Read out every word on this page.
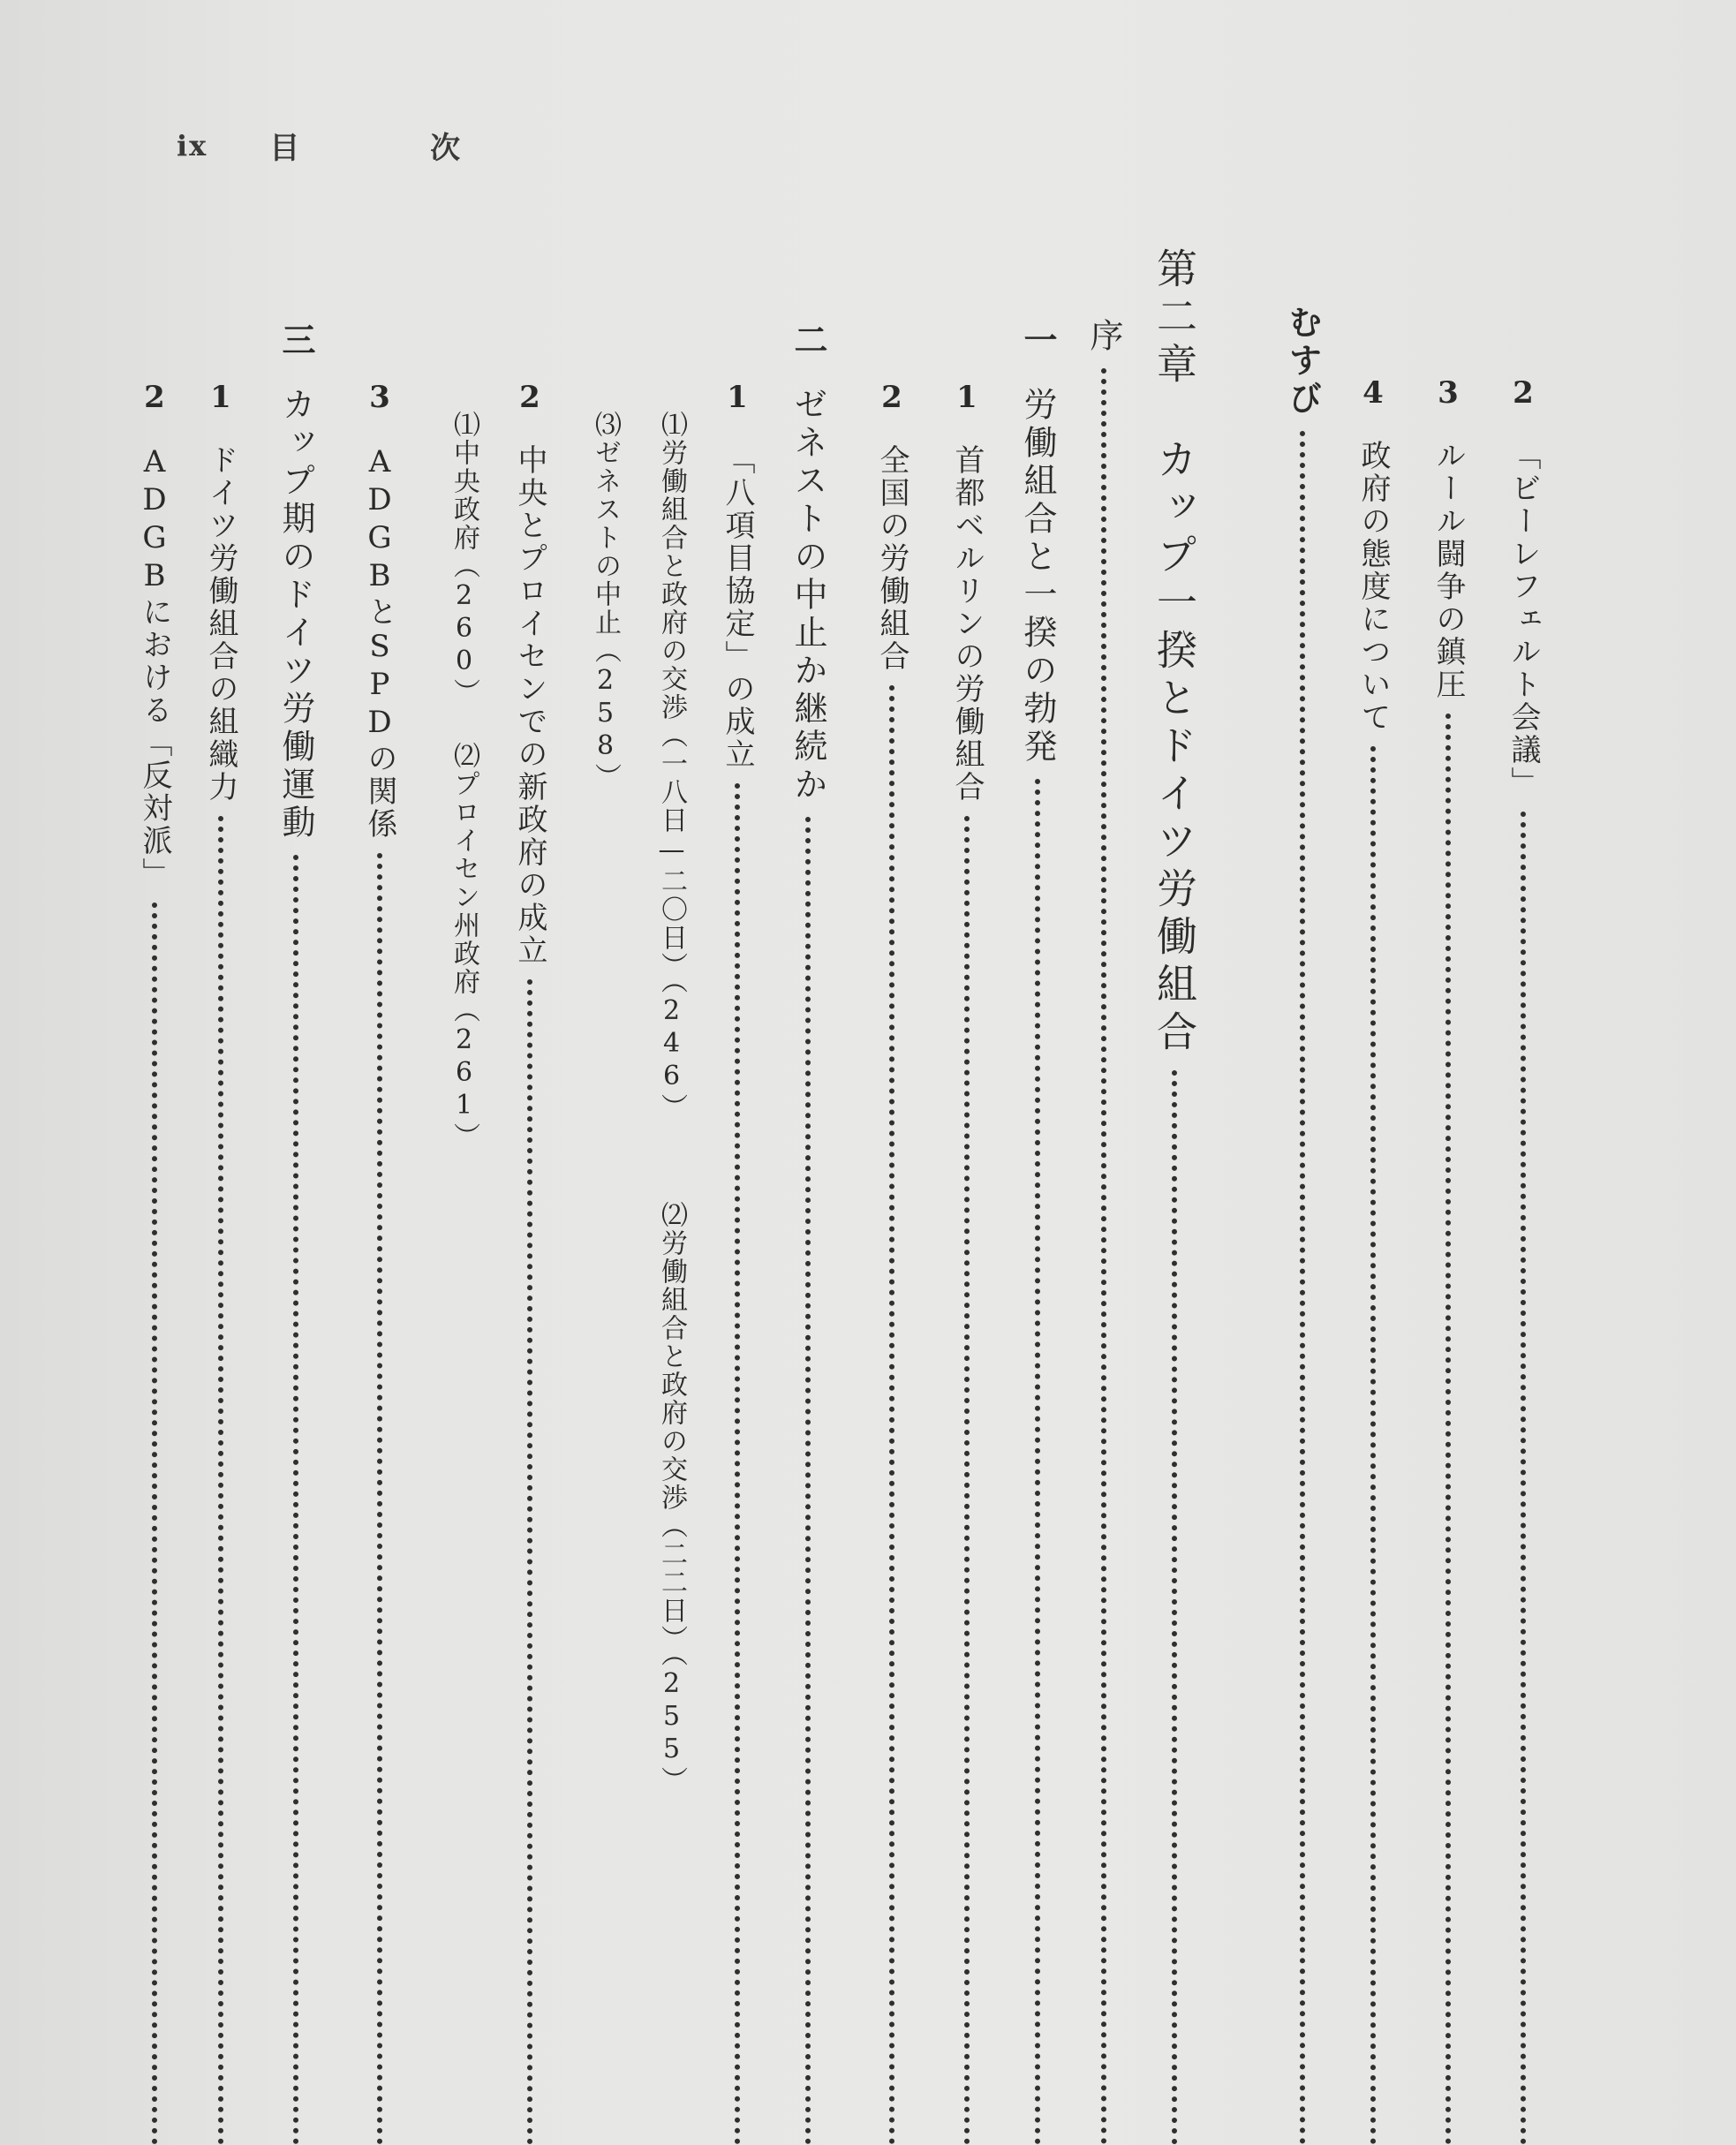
ix 目 次
2
「ビーレフェルト会議」
3
ルール闘争の鎮圧
4
政府の態度について
むすび
第二章　カップ一揆とドイツ労働組合
序
一
労働組合と一揆の勃発
1
首都ベルリンの労働組合
2
全国の労働組合
二
ゼネストの中止か継続か
1
「八項目協定」の成立
⑴労働組合と政府の交渉（一八日—二〇日）（246）
⑵労働組合と政府の交渉（二二日）（255）
⑶ゼネストの中止（258）
2
中央とプロイセンでの新政府の成立
⑴中央政府（260）
⑵プロイセン州政府（261）
3
ADGBとSPDの関係
三
カップ期のドイツ労働運動
1
ドイツ労働組合の組織力
2
ADGBにおける「反対派」
